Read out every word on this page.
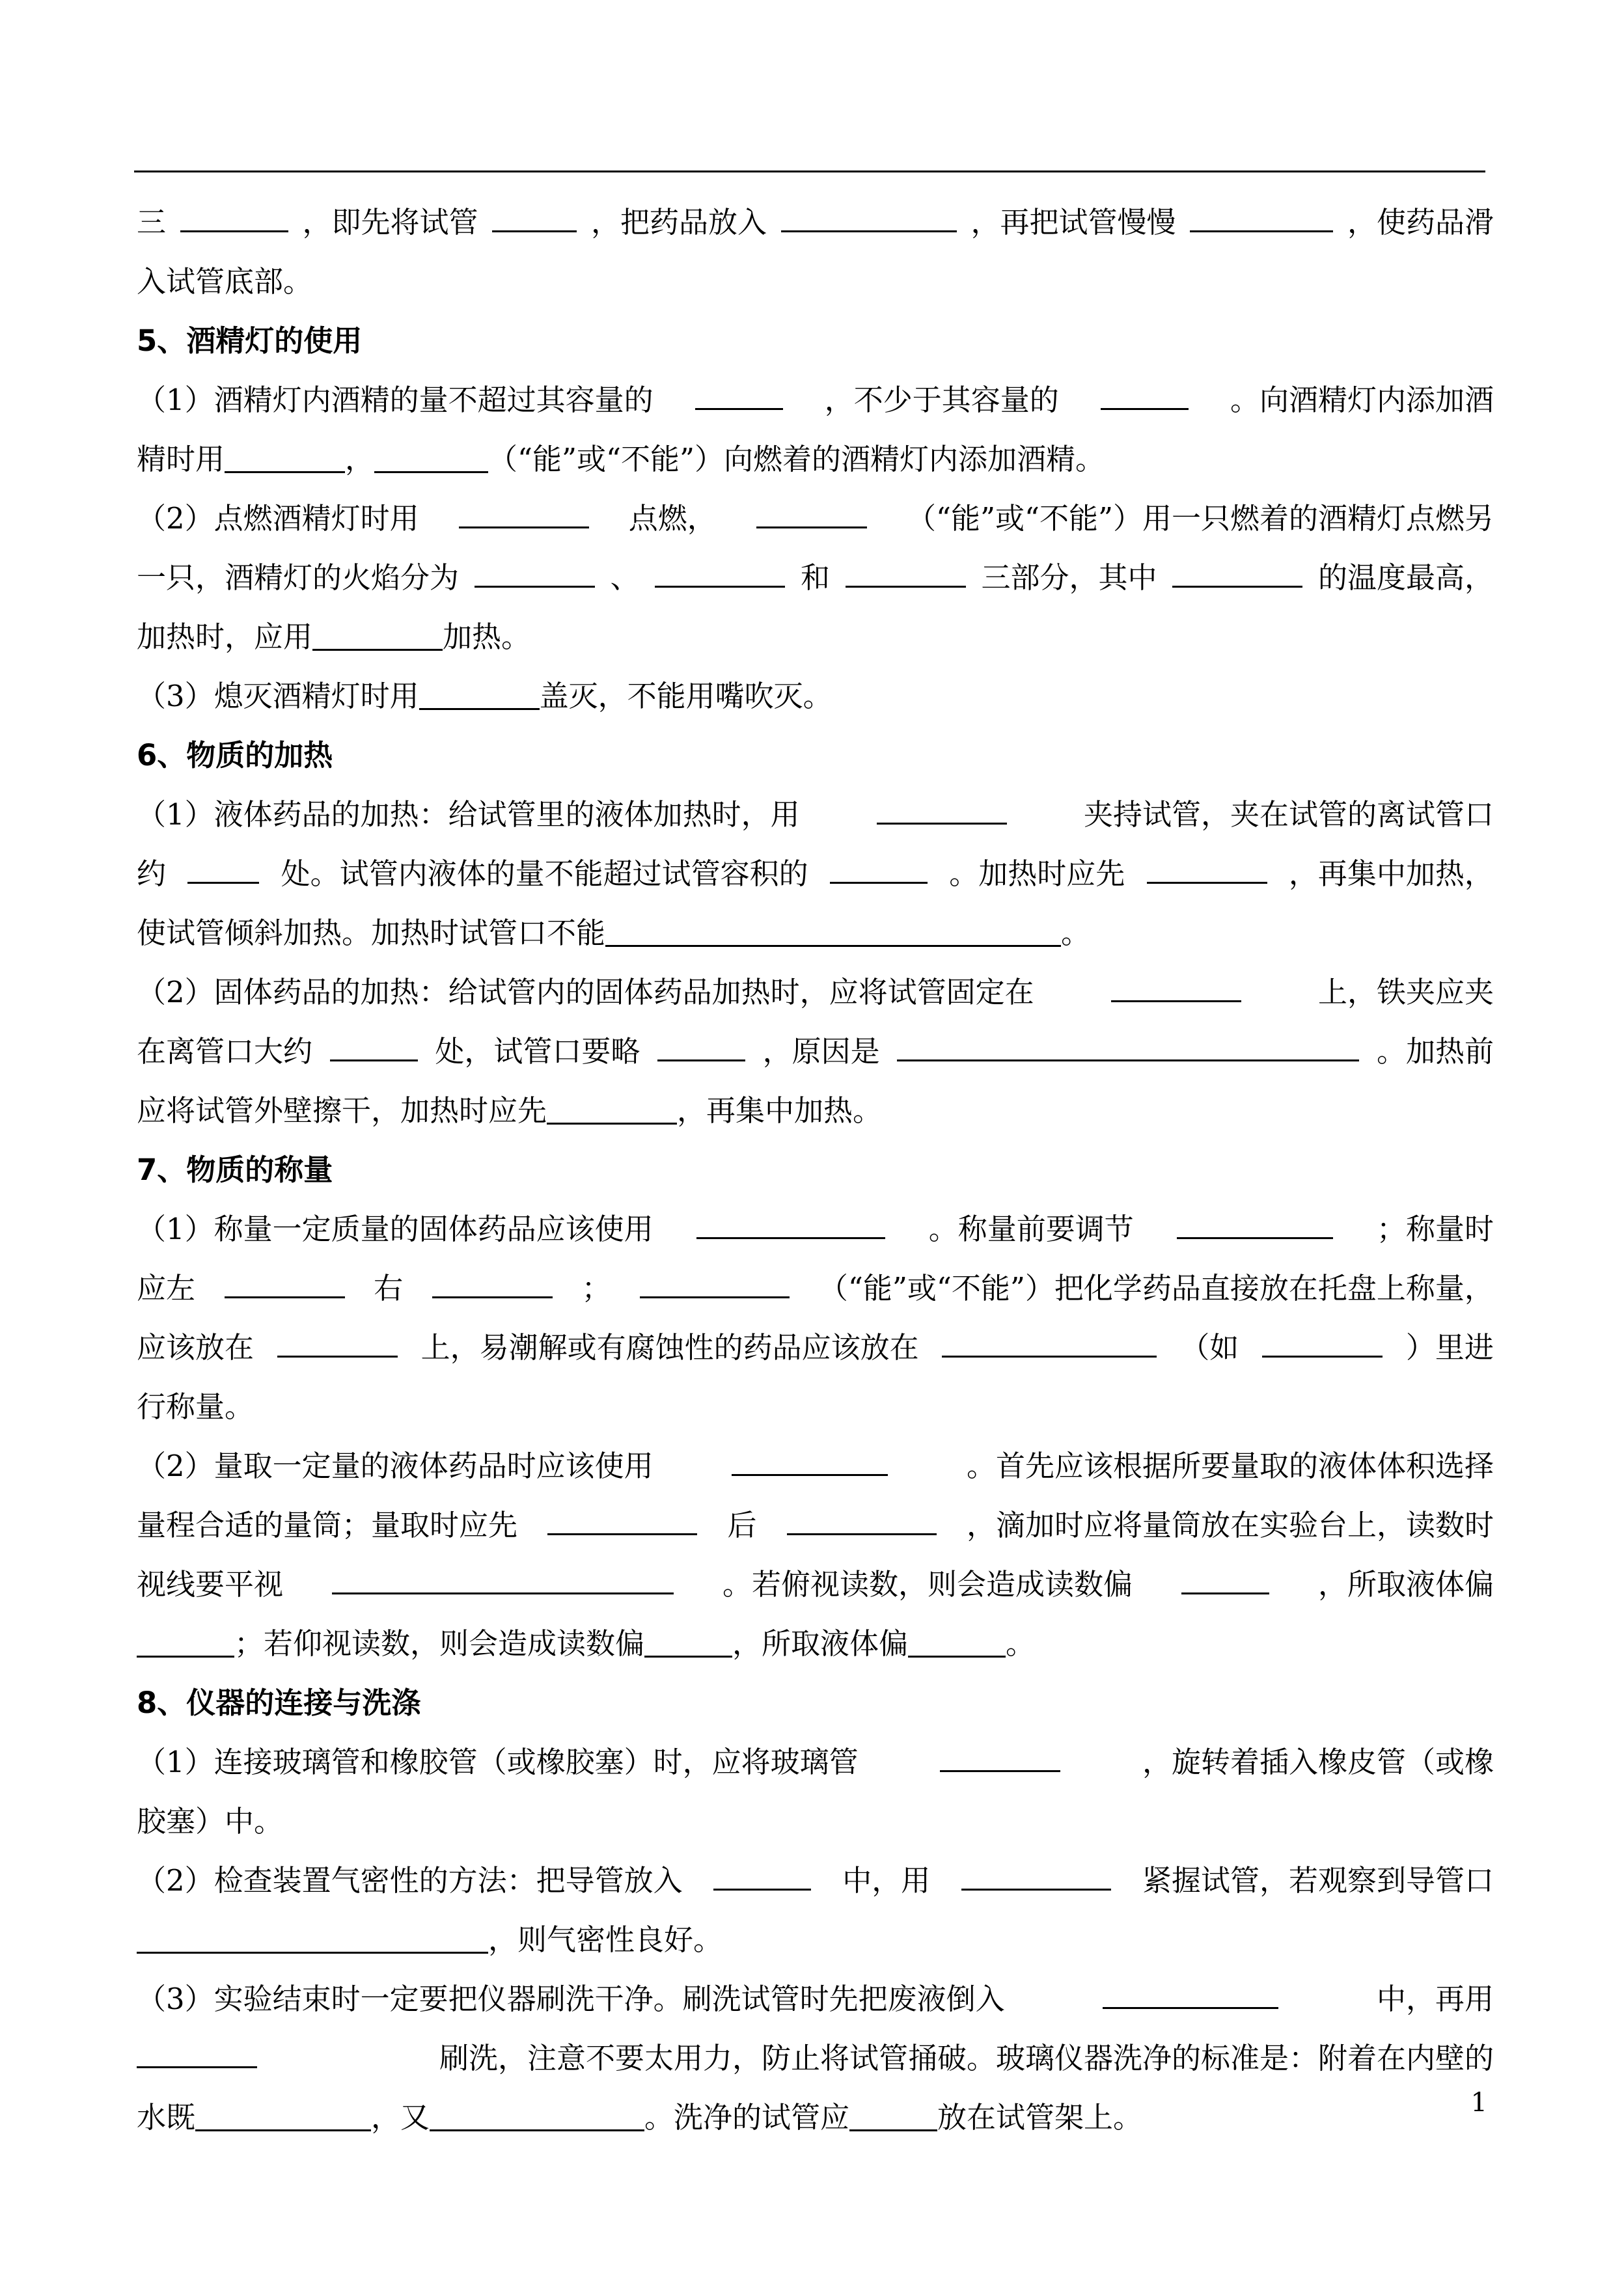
三	，即先将试管	，把药品放入	，再把试管慢慢	，使药品滑
入试管底部。
5、酒精灯的使用
（1）酒精灯内酒精的量不超过其容量的	，不少于其容量的	。向酒精灯内添加酒
精时用	，	（“能”或“不能”）向燃着的酒精灯内添加酒精。
（2）点燃酒精灯时用	点燃，	（“能”或“不能”）用一只燃着的酒精灯点燃另
一只，酒精灯的火焰分为	、	和	三部分，其中	的温度最高，
加热时，应用	加热。
（3）熄灭酒精灯时用	盖灭，不能用嘴吹灭。
6、物质的加热
（1）液体药品的加热：给试管里的液体加热时，用	夹持试管，夹在试管的离试管口
约	处。试管内液体的量不能超过试管容积的	。加热时应先	，再集中加热，
使试管倾斜加热。加热时试管口不能	。
（2）固体药品的加热：给试管内的固体药品加热时，应将试管固定在	上，铁夹应夹
在离管口大约	处，试管口要略	，原因是	。加热前
应将试管外壁擦干，加热时应先	，再集中加热。
7、物质的称量
（1）称量一定质量的固体药品应该使用	。称量前要调节	；称量时
应左	右	；	（“能”或“不能”）把化学药品直接放在托盘上称量，
应该放在	上，易潮解或有腐蚀性的药品应该放在	（如	）里进
行称量。
（2）量取一定量的液体药品时应该使用	。首先应该根据所要量取的液体体积选择
量程合适的量筒；量取时应先	后	，滴加时应将量筒放在实验台上，读数时
视线要平视	。若俯视读数，则会造成读数偏	，所取液体偏
；若仰视读数，则会造成读数偏	，所取液体偏	。
8、仪器的连接与洗涤
（1）连接玻璃管和橡胶管（或橡胶塞）时，应将玻璃管	，旋转着插入橡皮管（或橡
胶塞）中。
（2）检查装置气密性的方法：把导管放入	中，用	紧握试管，若观察到导管口
，则气密性良好。
（3）实验结束时一定要把仪器刷洗干净。刷洗试管时先把废液倒入	中，再用
刷洗，注意不要太用力，防止将试管捅破。玻璃仪器洗净的标准是：附着在内壁的
水既	，又	。洗净的试管应	放在试管架上。	1
